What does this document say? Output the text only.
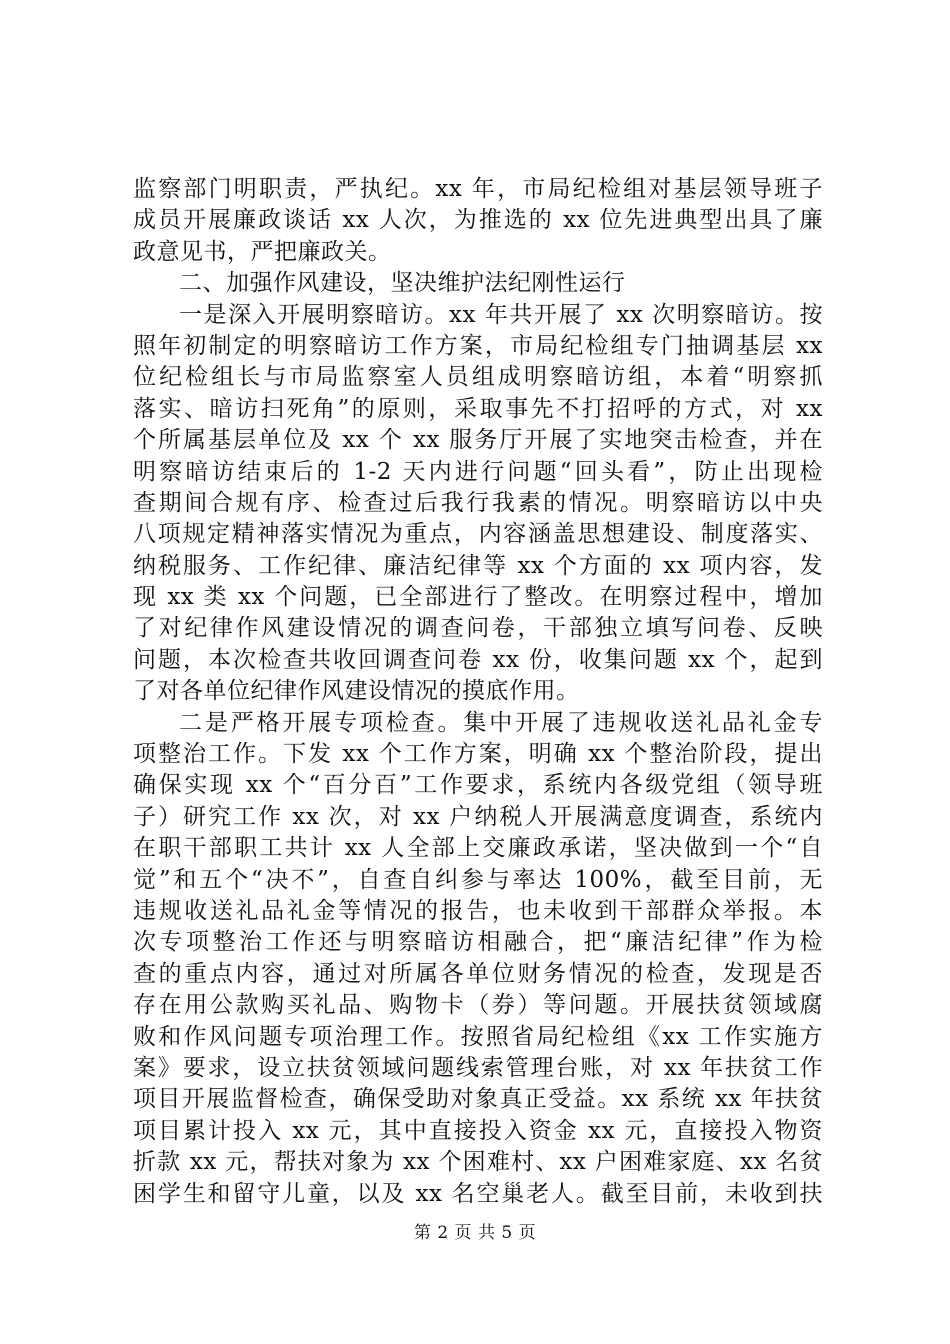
监察部门明职责，严执纪。xx 年，市局纪检组对基层领导班子
成员开展廉政谈话 xx 人次，为推选的 xx 位先进典型出具了廉
政意见书，严把廉政关。
二、加强作风建设，坚决维护法纪刚性运行
一是深入开展明察暗访。xx 年共开展了 xx 次明察暗访。按
照年初制定的明察暗访工作方案，市局纪检组专门抽调基层 xx
位纪检组长与市局监察室人员组成明察暗访组，本着“明察抓
落实、暗访扫死角”的原则，采取事先不打招呼的方式，对 xx
个所属基层单位及 xx 个 xx 服务厅开展了实地突击检查，并在
明察暗访结束后的 1-2 天内进行问题“回头看”，防止出现检
查期间合规有序、检查过后我行我素的情况。明察暗访以中央
八项规定精神落实情况为重点，内容涵盖思想建设、制度落实、
纳税服务、工作纪律、廉洁纪律等 xx 个方面的 xx 项内容，发
现 xx 类 xx 个问题，已全部进行了整改。在明察过程中，增加
了对纪律作风建设情况的调查问卷，干部独立填写问卷、反映
问题，本次检查共收回调查问卷 xx 份，收集问题 xx 个，起到
了对各单位纪律作风建设情况的摸底作用。
二是严格开展专项检查。集中开展了违规收送礼品礼金专
项整治工作。下发 xx 个工作方案，明确 xx 个整治阶段，提出
确保实现 xx 个“百分百”工作要求，系统内各级党组（领导班
子）研究工作 xx 次，对 xx 户纳税人开展满意度调查，系统内
在职干部职工共计 xx 人全部上交廉政承诺，坚决做到一个“自
觉”和五个“决不”，自查自纠参与率达 100%，截至目前，无
违规收送礼品礼金等情况的报告，也未收到干部群众举报。本
次专项整治工作还与明察暗访相融合，把“廉洁纪律”作为检
查的重点内容，通过对所属各单位财务情况的检查，发现是否
存在用公款购买礼品、购物卡（券）等问题。开展扶贫领域腐
败和作风问题专项治理工作。按照省局纪检组《xx 工作实施方
案》要求，设立扶贫领域问题线索管理台账，对 xx 年扶贫工作
项目开展监督检查，确保受助对象真正受益。xx 系统 xx 年扶贫
项目累计投入 xx 元，其中直接投入资金 xx 元，直接投入物资
折款 xx 元，帮扶对象为 xx 个困难村、xx 户困难家庭、xx 名贫
困学生和留守儿童，以及 xx 名空巢老人。截至目前，未收到扶
第 2 页 共 5 页
